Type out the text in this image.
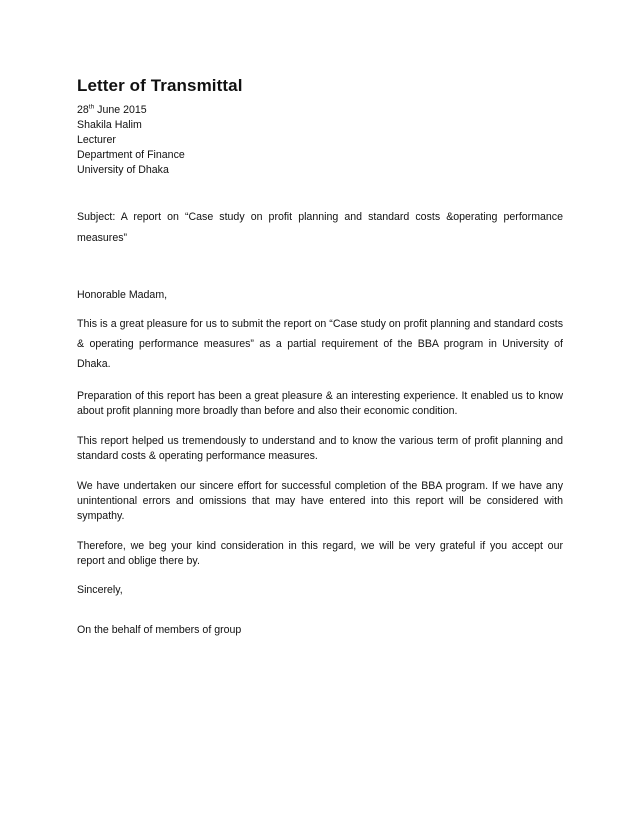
Letter of Transmittal

28th June 2015

Shakila Halim

Lecturer

Department of Finance

University of Dhaka

Subject: A report on “Case study on profit planning and standard costs &operating performance measures”

Honorable Madam,

This is a great pleasure for us to submit the report on “Case study on profit planning and standard costs & operating performance measures” as a partial requirement of the BBA program in University of Dhaka.

Preparation of this report has been a great pleasure & an interesting experience. It enabled us to know about profit planning more broadly than before and also their economic condition.

This report helped us tremendously to understand and to know the various term of profit planning and standard costs & operating performance measures.

We have undertaken our sincere effort for successful completion of the BBA program. If we have any unintentional errors and omissions that may have entered into this report will be considered with sympathy.

Therefore, we beg your kind consideration in this regard, we will be very grateful if you accept our report and oblige there by.

Sincerely,

On the behalf of members of group
